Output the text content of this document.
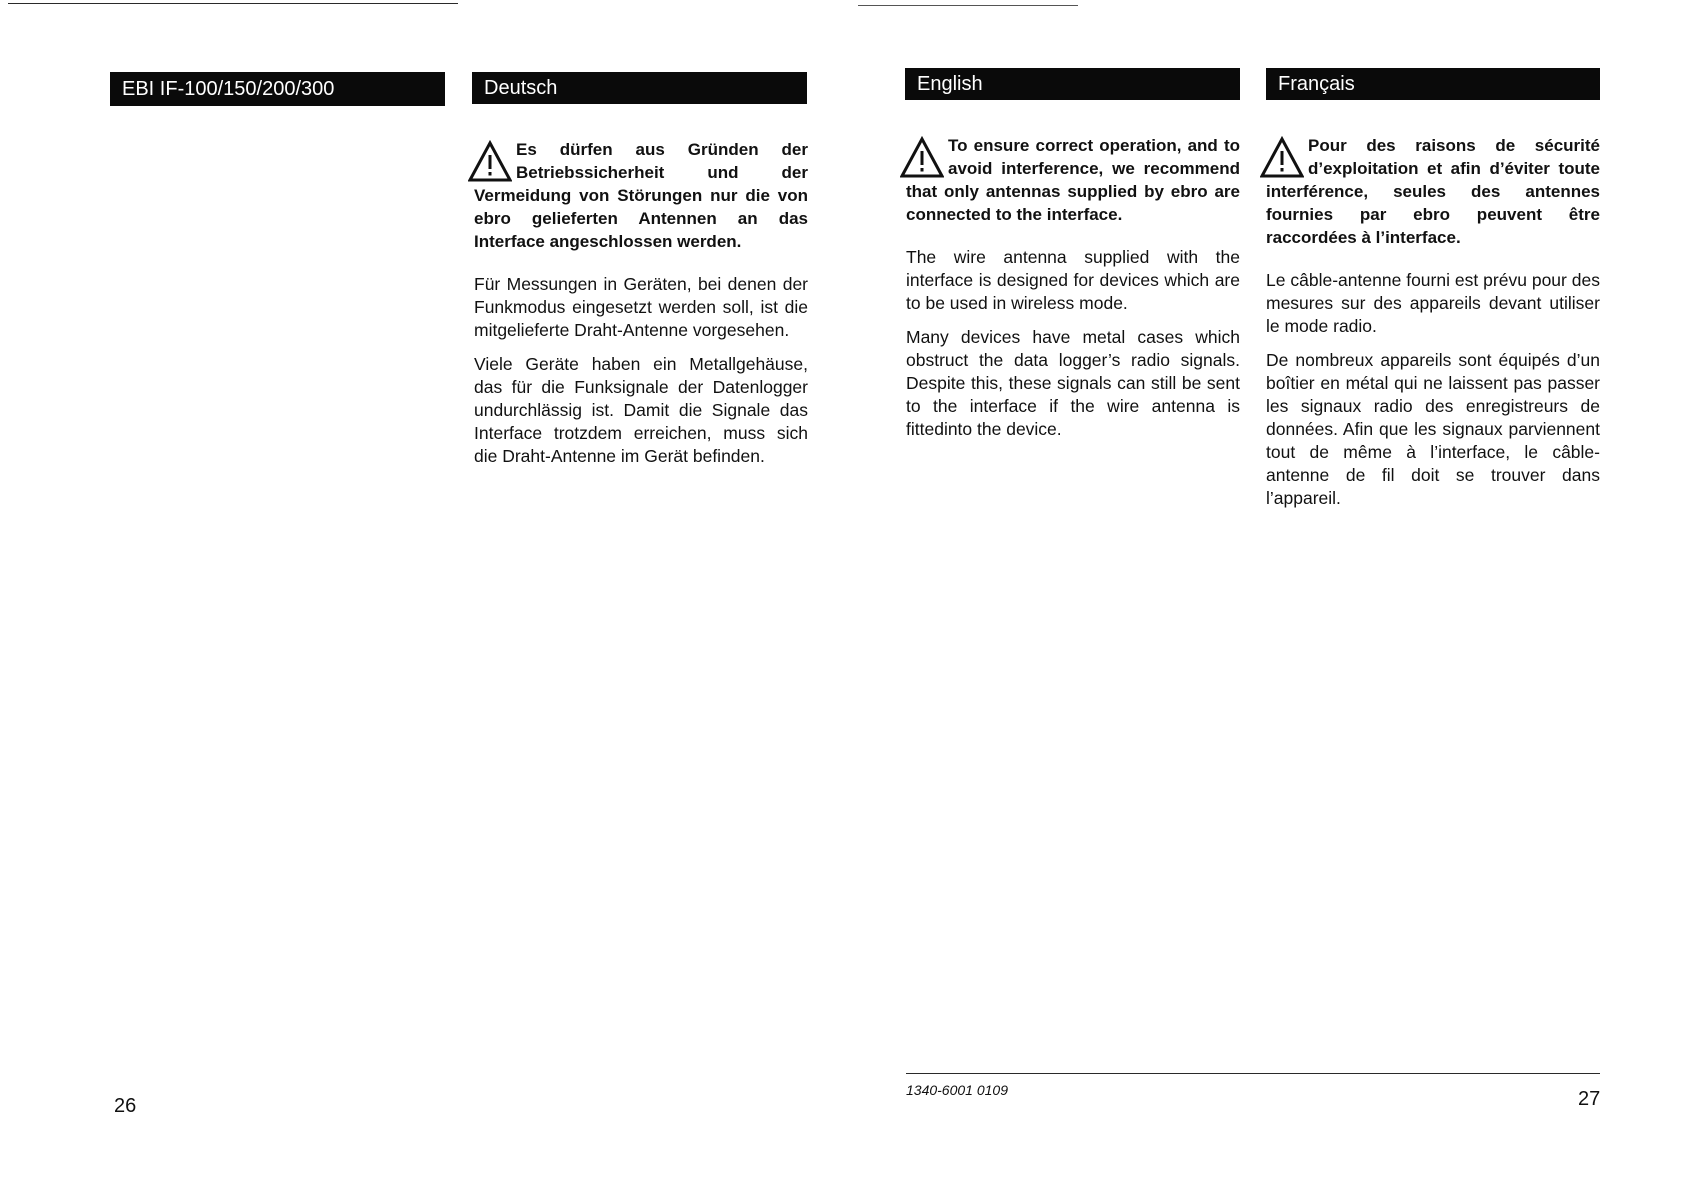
EBI IF-100/150/200/300	Deutsch

Es dürfen aus Gründen der Betriebssicherheit und der Vermeidung von Störungen nur die von ebro gelieferten Antennen an das Interface angeschlossen werden.

Für Messungen in Geräten, bei denen der Funkmodus eingesetzt werden soll, ist die mitgelieferte Draht-Antenne vorgesehen.

Viele Geräte haben ein Metallgehäuse, das für die Funksignale der Datenlogger undurchlässig ist. Damit die Signale das Interface trotzdem erreichen, muss sich die Draht-Antenne im Gerät befinden.

English

To ensure correct operation, and to avoid interference, we recommend that only antennas supplied by ebro are connected to the interface.

The wire antenna supplied with the interface is designed for devices which are to be used in wireless mode.

Many devices have metal cases which obstruct the data logger’s radio signals. Despite this, these signals can still be sent to the interface if the wire antenna is fittedinto the device.

Français

Pour des raisons de sécurité d’exploitation et afin d’éviter toute interférence, seules des antennes fournies par ebro peuvent être raccordées à l’interface.

Le câble-antenne fourni est prévu pour des mesures sur des appareils devant utiliser le mode radio.

De nombreux appareils sont équipés d’un boîtier en métal qui ne laissent pas passer les signaux radio des enregistreurs de données. Afin que les signaux parviennent tout de même à l’interface, le câble-antenne de fil doit se trouver dans l’appareil.

1340-6001 0109
26	27
